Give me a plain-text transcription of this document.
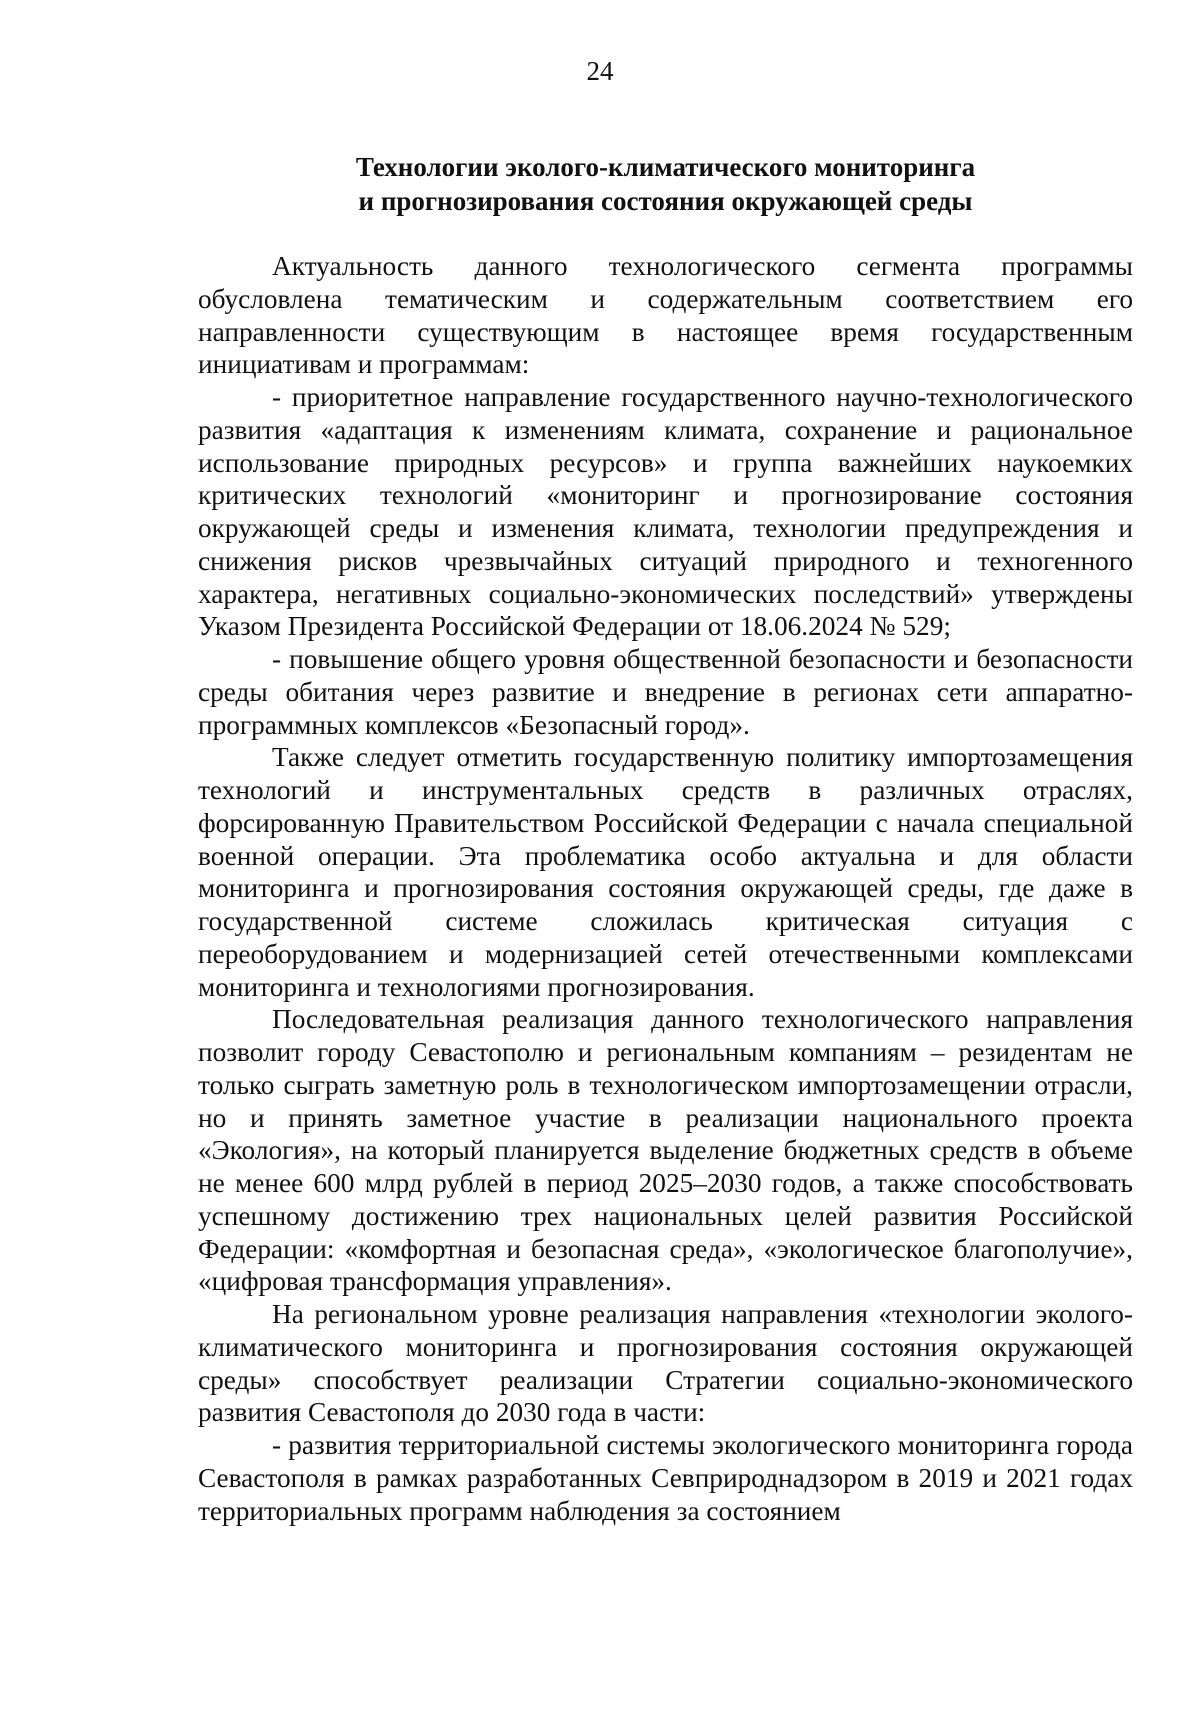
24
Технологии эколого-климатического мониторинга
и прогнозирования состояния окружающей среды

Актуальность данного технологического сегмента программы обусловлена тематическим и содержательным соответствием его направленности существующим в настоящее время государственным инициативам и программам:

- приоритетное направление государственного научно-технологического развития «адаптация к изменениям климата, сохранение и рациональное использование природных ресурсов» и группа важнейших наукоемких критических технологий «мониторинг и прогнозирование состояния окружающей среды и изменения климата, технологии предупреждения и снижения рисков чрезвычайных ситуаций природного и техногенного характера, негативных социально-экономических последствий» утверждены Указом Президента Российской Федерации от 18.06.2024 № 529;

- повышение общего уровня общественной безопасности и безопасности среды обитания через развитие и внедрение в регионах сети аппаратно-программных комплексов «Безопасный город».

Также следует отметить государственную политику импортозамещения технологий и инструментальных средств в различных отраслях, форсированную Правительством Российской Федерации с начала специальной военной операции. Эта проблематика особо актуальна и для области мониторинга и прогнозирования состояния окружающей среды, где даже в государственной системе сложилась критическая ситуация с переоборудованием и модернизацией сетей отечественными комплексами мониторинга и технологиями прогнозирования.

Последовательная реализация данного технологического направления позволит городу Севастополю и региональным компаниям – резидентам не только сыграть заметную роль в технологическом импортозамещении отрасли, но и принять заметное участие в реализации национального проекта «Экология», на который планируется выделение бюджетных средств в объеме не менее 600 млрд рублей в период 2025–2030 годов, а также способствовать успешному достижению трех национальных целей развития Российской Федерации: «комфортная и безопасная среда», «экологическое благополучие», «цифровая трансформация управления».

На региональном уровне реализация направления «технологии эколого-климатического мониторинга и прогнозирования состояния окружающей среды» способствует реализации Стратегии социально-экономического развития Севастополя до 2030 года в части:

- развития территориальной системы экологического мониторинга города Севастополя в рамках разработанных Севприроднадзором в 2019 и 2021 годах территориальных программ наблюдения за состоянием
